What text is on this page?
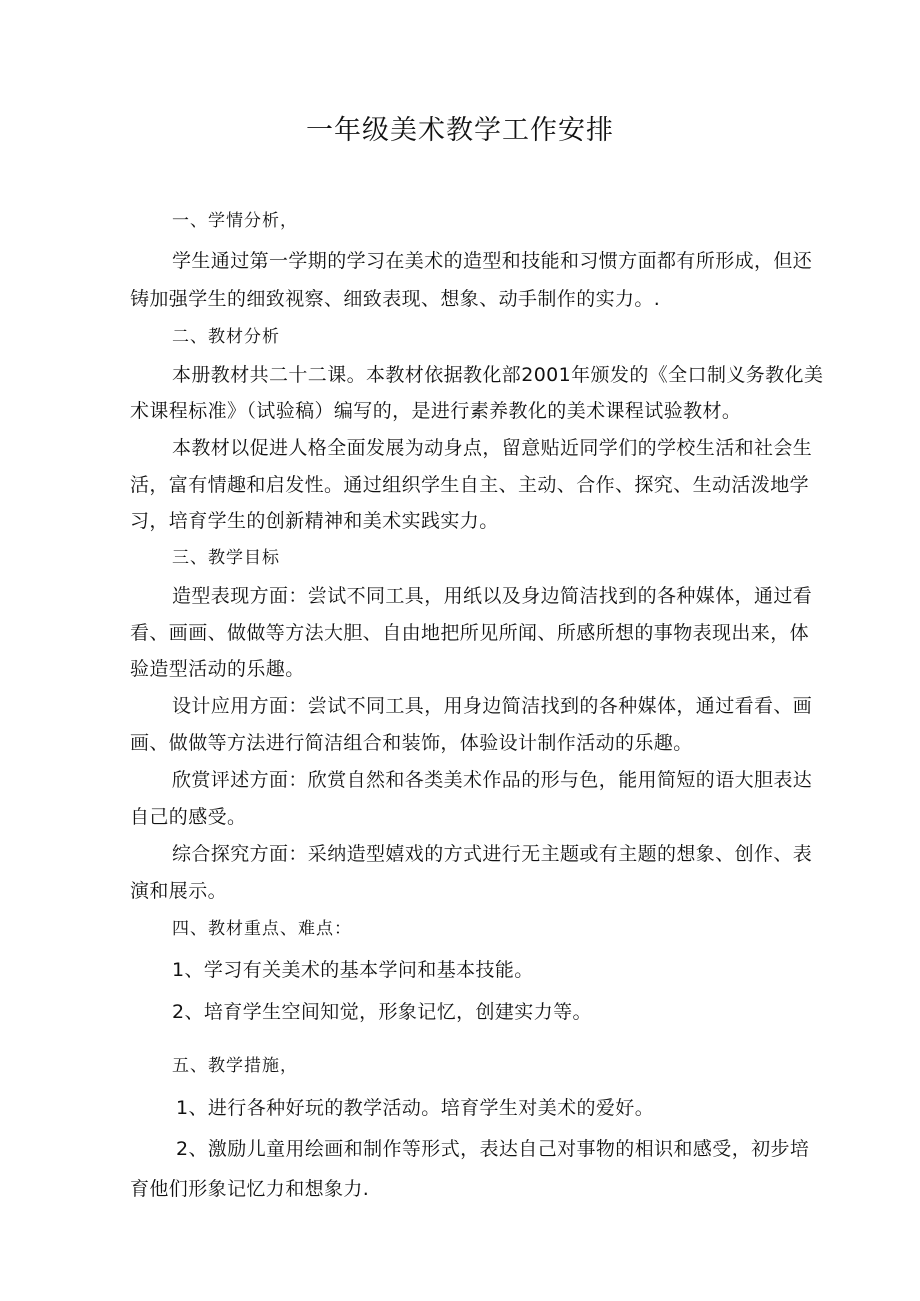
一年级美术教学工作安排
一、学情分析，
学生通过第一学期的学习在美术的造型和技能和习惯方面都有所形成，但还
铸加强学生的细致视察、细致表现、想象、动手制作的实力。.
二、教材分析
本册教材共二十二课。本教材依据教化部2001年颁发的《全口制义务教化美
术课程标准》（试验稿）编写的，是进行素养教化的美术课程试验教材。
本教材以促进人格全面发展为动身点，留意贴近同学们的学校生活和社会生
活，富有情趣和启发性。通过组织学生自主、主动、合作、探究、生动活泼地学
习，培育学生的创新精神和美术实践实力。
三、教学目标
造型表现方面：尝试不同工具，用纸以及身边简洁找到的各种媒体，通过看
看、画画、做做等方法大胆、自由地把所见所闻、所感所想的事物表现出来，体
验造型活动的乐趣。
设计应用方面：尝试不同工具，用身边简洁找到的各种媒体，通过看看、画
画、做做等方法进行简洁组合和装饰，体验设计制作活动的乐趣。
欣赏评述方面：欣赏自然和各类美术作品的形与色，能用简短的语大胆表达
自己的感受。
综合探究方面：采纳造型嬉戏的方式进行无主题或有主题的想象、创作、表
演和展示。
四、教材重点、难点：
1、学习有关美术的基本学问和基本技能。
2、培育学生空间知觉，形象记忆，创建实力等。
五、教学措施，
1、进行各种好玩的教学活动。培育学生对美术的爱好。
2、激励儿童用绘画和制作等形式，表达自己对事物的相识和感受，初步培
育他们形象记忆力和想象力.
